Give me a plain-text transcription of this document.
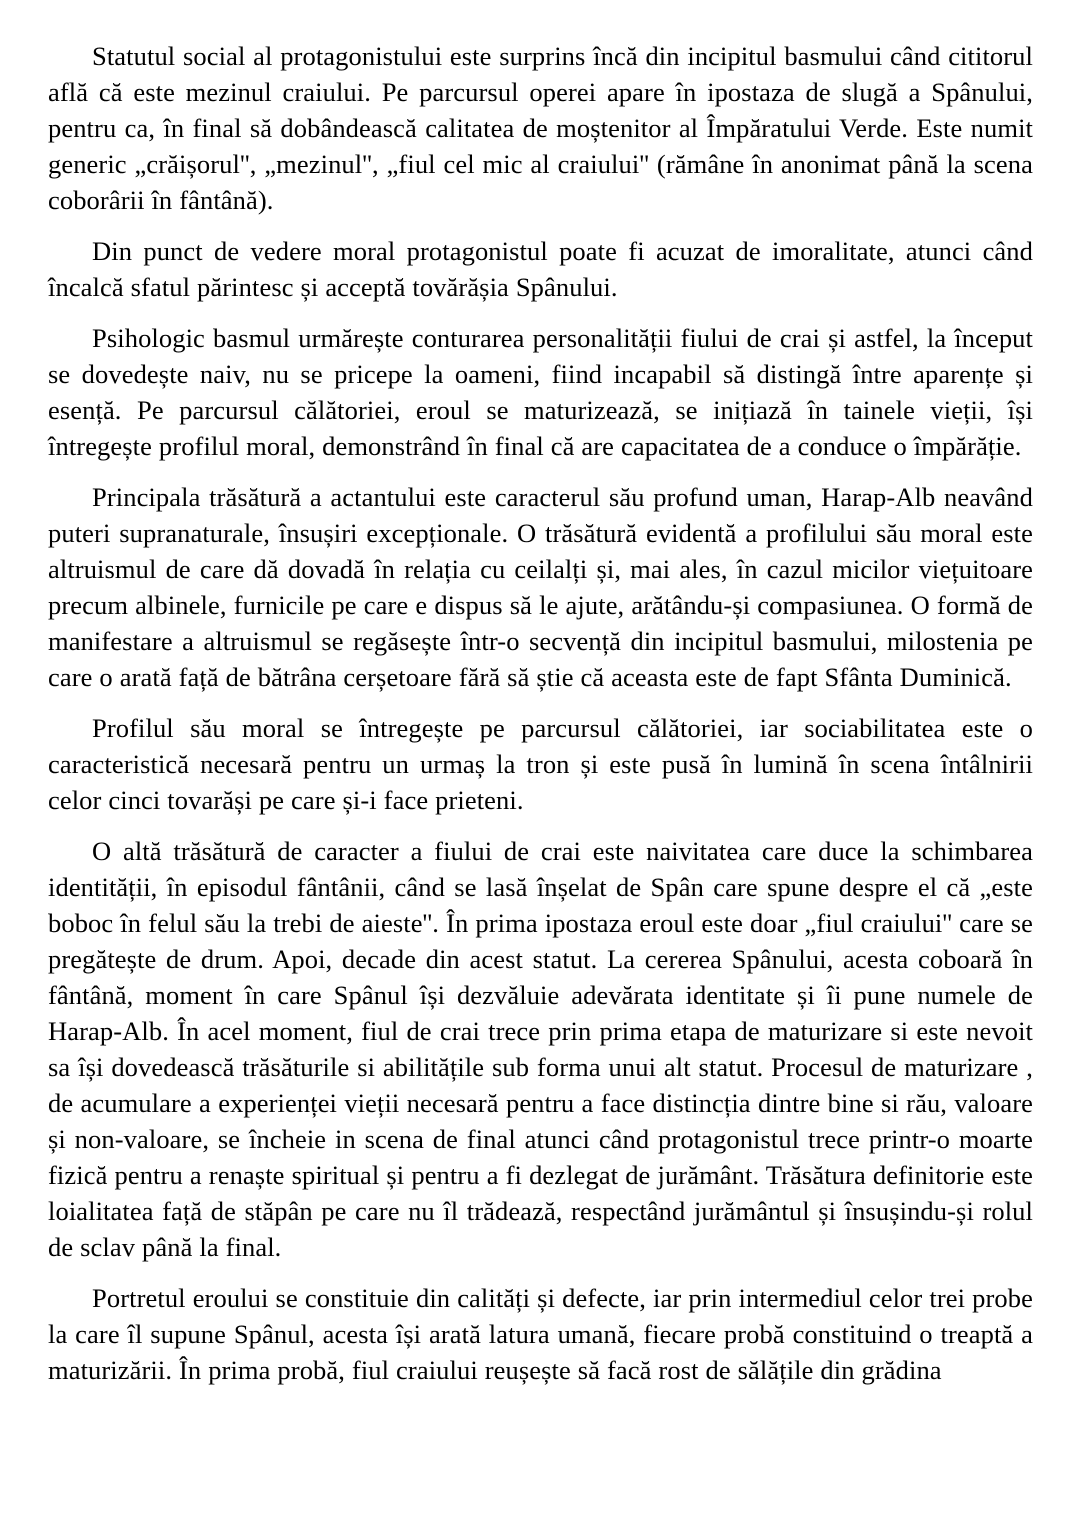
Statutul social al protagonistului este surprins încă din incipitul basmului când cititorul află că este mezinul craiului. Pe parcursul operei apare în ipostaza de slugă a Spânului, pentru ca, în final să dobândească calitatea de moștenitor al Împăratului Verde. Este numit generic „crăișorul'', „mezinul'', „fiul cel mic al craiului'' (rămâne în anonimat până la scena coborârii în fântână).

Din punct de vedere moral protagonistul poate fi acuzat de imoralitate, atunci când încalcă sfatul părintesc și acceptă tovărășia Spânului.

Psihologic basmul urmărește conturarea personalității fiului de crai și astfel, la început se dovedește naiv, nu se pricepe la oameni, fiind incapabil să distingă între aparențe și esență. Pe parcursul călătoriei, eroul se maturizează, se inițiază în tainele vieții, își întregește profilul moral, demonstrând în final că are capacitatea de a conduce o împărăție.

Principala trăsătură a actantului este caracterul său profund uman, Harap-Alb neavând puteri supranaturale, însușiri excepționale. O trăsătură evidentă a profilului său moral este altruismul de care dă dovadă în relația cu ceilalți și, mai ales, în cazul micilor viețuitoare precum albinele, furnicile pe care e dispus să le ajute, arătându-și compasiunea. O formă de manifestare a altruismul se regăsește într-o secvență din incipitul basmului, milostenia pe care o arată față de bătrâna cerșetoare fără să știe că aceasta este de fapt Sfânta Duminică.

Profilul său moral se întregește pe parcursul călătoriei, iar sociabilitatea este o caracteristică necesară pentru un urmaș la tron și este pusă în lumină în scena întâlnirii celor cinci tovarăși pe care și-i face prieteni.

O altă trăsătură de caracter a fiului de crai este naivitatea care duce la schimbarea identității, în episodul fântânii, când se lasă înșelat de Spân care spune despre el că „este boboc în felul său la trebi de aieste''. În prima ipostaza eroul este doar „fiul craiului'' care se pregătește de drum. Apoi, decade din acest statut. La cererea Spânului, acesta coboară în fântână, moment în care Spânul își dezvăluie adevărata identitate și îi pune numele de Harap-Alb. În acel moment, fiul de crai trece prin prima etapa de maturizare si este nevoit sa își dovedească trăsăturile si abilitățile sub forma unui alt statut. Procesul de maturizare , de acumulare a experienței vieții necesară pentru a face distincția dintre bine si rău, valoare și non-valoare, se încheie in scena de final atunci când protagonistul trece printr-o moarte fizică pentru a renaște spiritual și pentru a fi dezlegat de jurământ. Trăsătura definitorie este loialitatea față de stăpân pe care nu îl trădează, respectând jurământul și însușindu-și rolul de sclav până la final.

Portretul eroului se constituie din calități și defecte, iar prin intermediul celor trei probe la care îl supune Spânul, acesta își arată latura umană, fiecare probă constituind o treaptă a maturizării. În prima probă, fiul craiului reușește să facă rost de sălățile din grădina
